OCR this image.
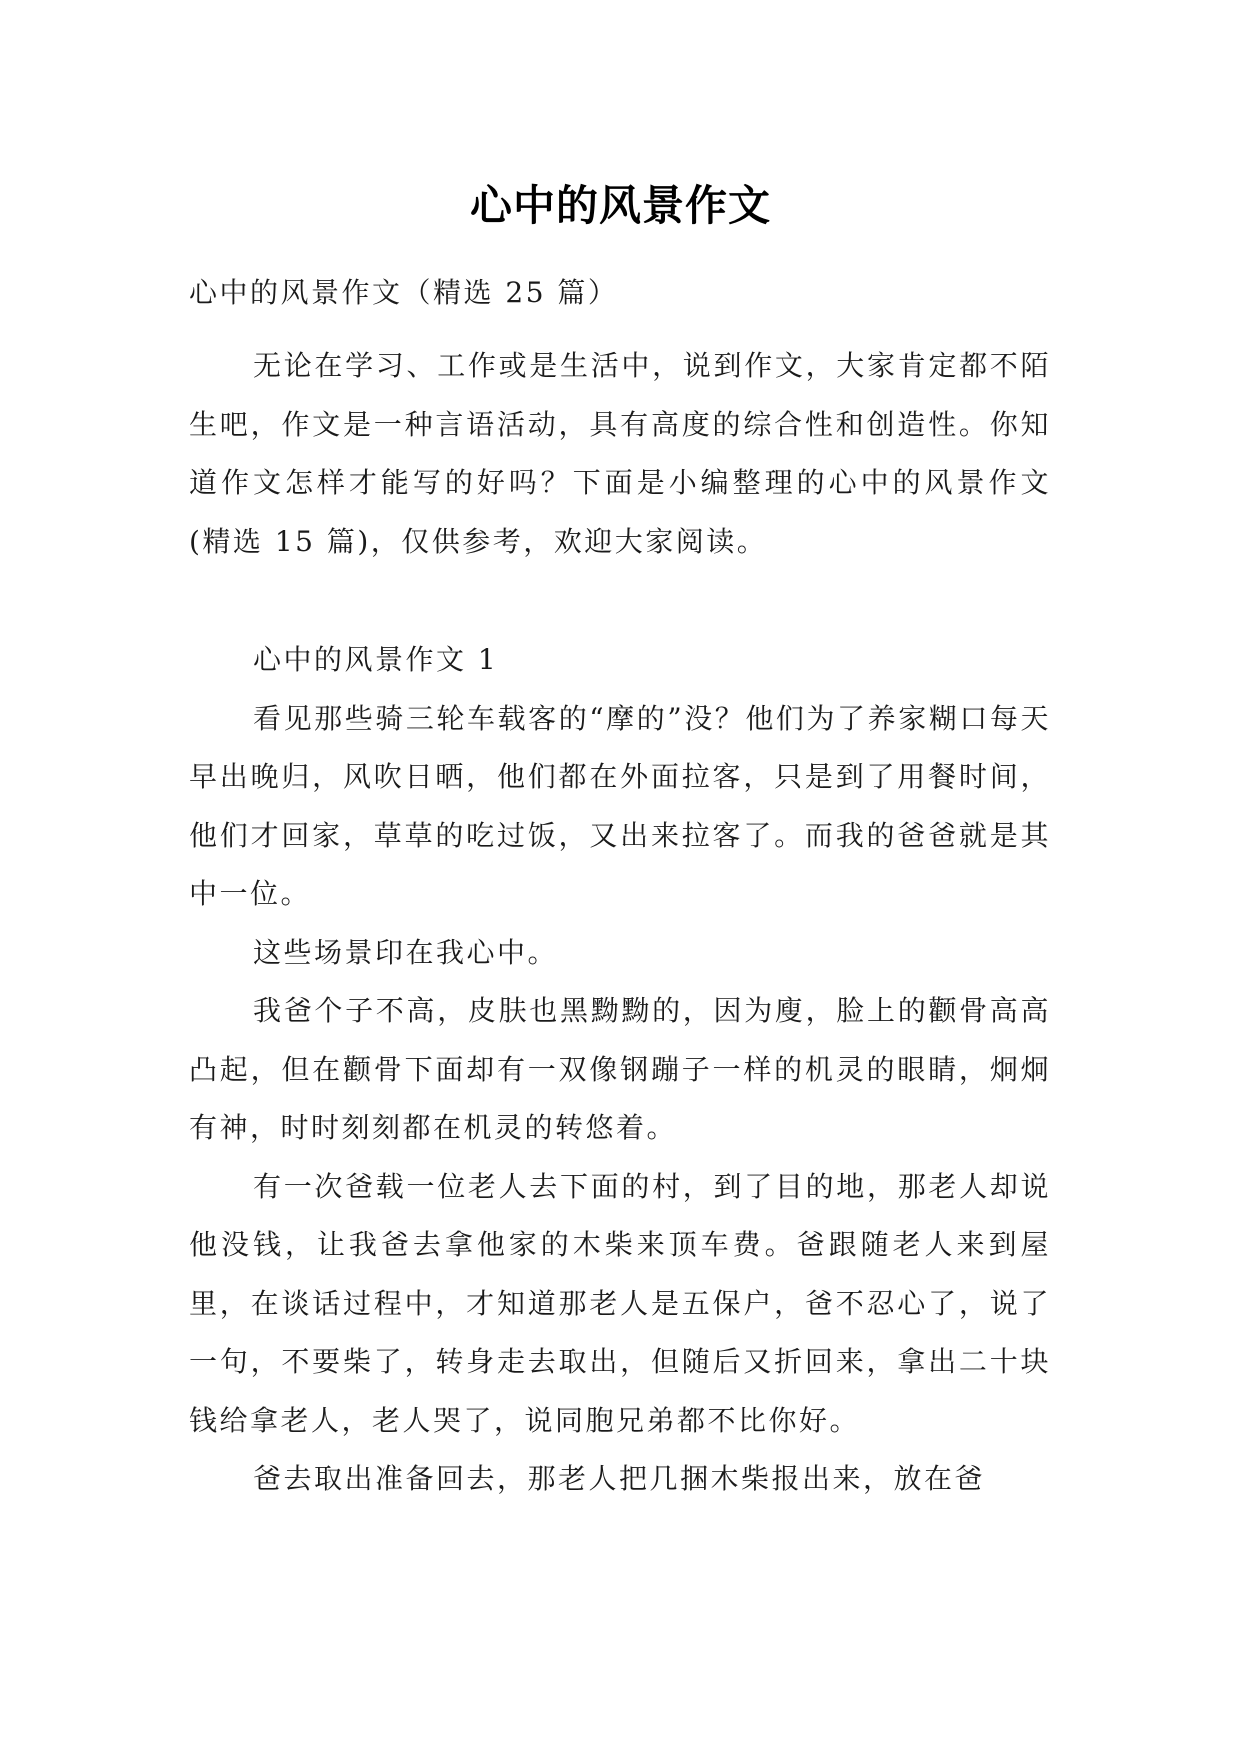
心中的风景作文

心中的风景作文（精选 25 篇）

无论在学习、工作或是生活中，说到作文，大家肯定都不陌生吧，作文是一种言语活动，具有高度的综合性和创造性。你知道作文怎样才能写的好吗？下面是小编整理的心中的风景作文(精选 15 篇)，仅供参考，欢迎大家阅读。

心中的风景作文 1

看见那些骑三轮车载客的“摩的”没？他们为了养家糊口每天早出晚归，风吹日晒，他们都在外面拉客，只是到了用餐时间，他们才回家，草草的吃过饭，又出来拉客了。而我的爸爸就是其中一位。

这些场景印在我心中。

我爸个子不高，皮肤也黑黝黝的，因为廋，脸上的颧骨高高凸起，但在颧骨下面却有一双像钢蹦子一样的机灵的眼睛，炯炯有神，时时刻刻都在机灵的转悠着。

有一次爸载一位老人去下面的村，到了目的地，那老人却说他没钱，让我爸去拿他家的木柴来顶车费。爸跟随老人来到屋里，在谈话过程中，才知道那老人是五保户，爸不忍心了，说了一句，不要柴了，转身走去取出，但随后又折回来，拿出二十块钱给拿老人，老人哭了，说同胞兄弟都不比你好。

爸去取出准备回去，那老人把几捆木柴报出来，放在爸
